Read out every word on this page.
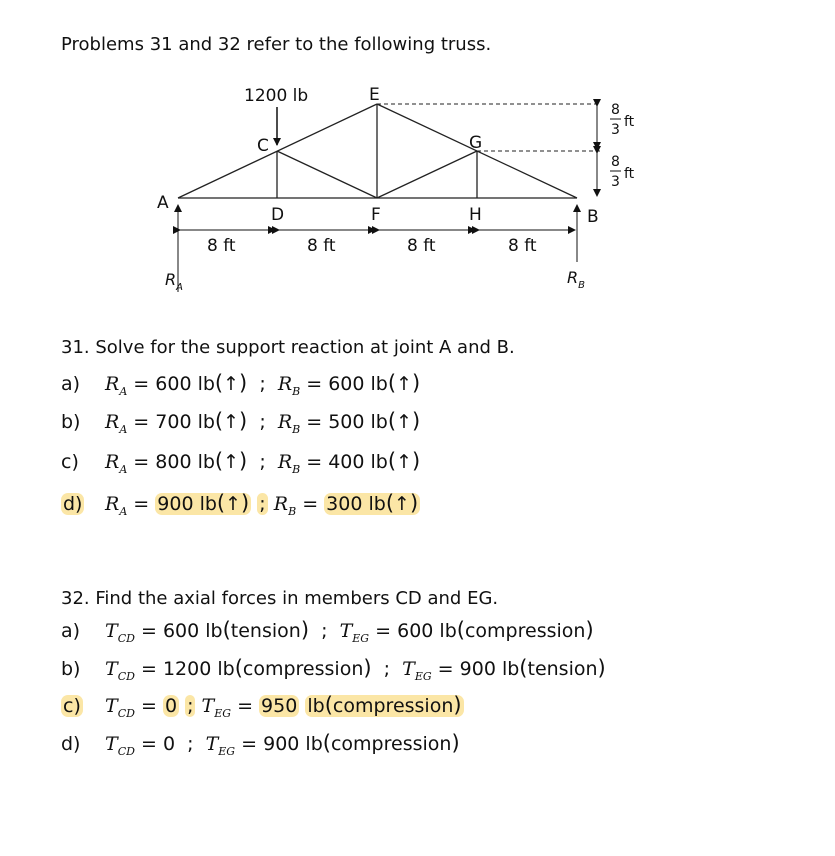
Problems 31 and 32 refer to the following truss.
1200 lb	E
C	G
A
D	F	H	B
$R_A$
$R_B$
8 ft	8 ft	8 ft	8 ft
8
3 ft
8
3 ft
31. Solve for the support reaction at joint A and B.
a) $R_A = 600$ lb(↑)  ;  $R_B = 600$ lb(↑)
b) $R_A = 700$ lb(↑)  ;  $R_B = 500$ lb(↑)
c) $R_A = 800$ lb(↑)  ;  $R_B = 400$ lb(↑)
d) $R_A = 900$ lb(↑) ; $R_B = 300$ lb(↑)
32. Find the axial forces in members CD and EG.
a) $T_{CD} = 600$ lb(tension)  ;  $T_{EG} = 600$ lb(compression)
b) $T_{CD} = 1200$ lb(compression)  ;  $T_{EG} = 900$ lb(tension)
c) $T_{CD} = 0$ ; $T_{EG} = 950$ lb(compression)
d) $T_{CD} = 0$  ;  $T_{EG} = 900$ lb(compression)
